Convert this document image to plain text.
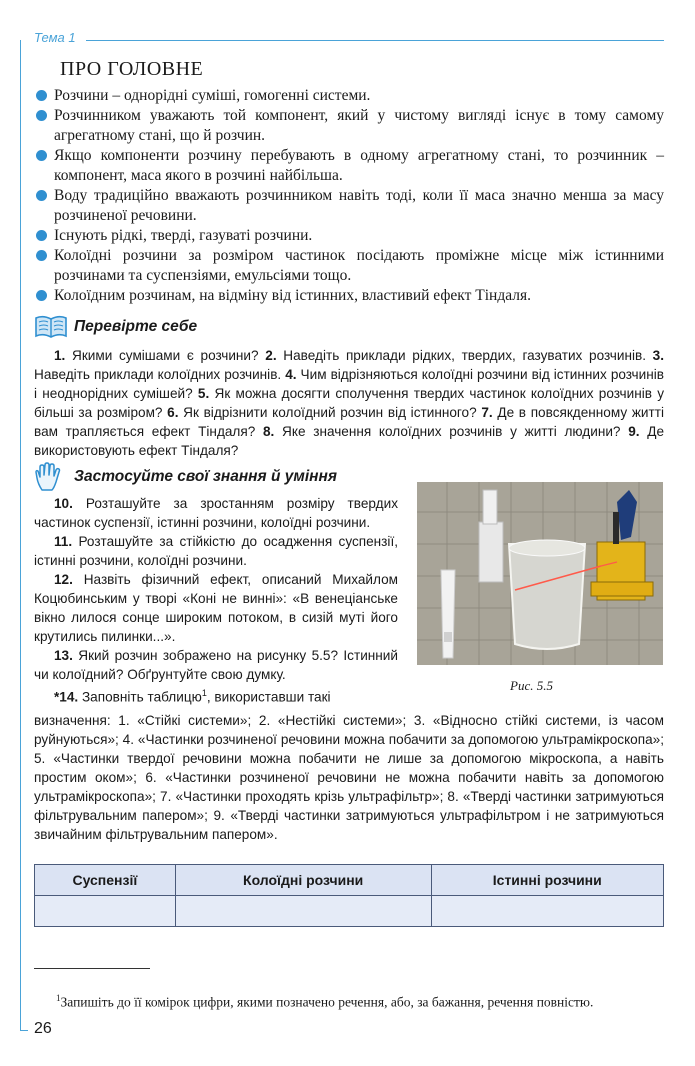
Тема 1
ПРО ГОЛОВНЕ
Розчини – однорідні суміші, гомогенні системи.
Розчинником уважають той компонент, який у чистому вигляді існує в тому самому агрегатному стані, що й розчин.
Якщо компоненти розчину перебувають в одному агрегатному стані, то розчинник – компонент, маса якого в розчині найбільша.
Воду традиційно вважають розчинником навіть тоді, коли її маса значно менша за масу розчиненої речовини.
Існують рідкі, тверді, газуваті розчини.
Колоїдні розчини за розміром частинок посідають проміжне місце між істинними розчинами та суспензіями, емульсіями тощо.
Колоїдним розчинам, на відміну від істинних, властивий ефект Тіндаля.
Перевірте себе

1. Якими сумішами є розчини? 2. Наведіть приклади рідких, твердих, газуватих розчинів. 3. Наведіть приклади колоїдних розчинів. 4. Чим відрізняються колоїдні розчини від істинних розчинів і неоднорідних сумішей? 5. Як можна досягти сполучення твердих частинок колоїдних розчинів у більші за розміром? 6. Як відрізнити колоїдний розчин від істинного? 7. Де в повсякденному житті вам трапляється ефект Тіндаля? 8. Яке значення колоїдних розчинів у житті людини? 9. Де використовують ефект Тіндаля?

Застосуйте свої знання й уміння

10. Розташуйте за зростанням розміру твердих частинок суспензії, істинні розчини, колоїдні розчини.

11. Розташуйте за стійкістю до осадження суспензії, істинні розчини, колоїдні розчини.

12. Назвіть фізичний ефект, описаний Михайлом Коцюбинським у творі «Коні не винні»: «В венеціанське вікно лилося сонце широким потоком, в сизій муті його крутились пилинки...».

13. Який розчин зображено на рисунку 5.5? Істинний чи колоїдний? Обґрунтуйте свою думку.

*14. Заповніть таблицю$^1$, використавши такі

визначення: 1. «Стійкі системи»; 2. «Нестійкі системи»; 3. «Відносно стійкі системи, із часом руйнуються»; 4. «Частинки розчиненої речовини можна побачити за допомогою ультрамікроскопа»; 5. «Частинки твердої речовини можна побачити не лише за допомогою мікроскопа, а навіть простим оком»; 6. «Частинки розчиненої речовини не можна побачити навіть за допомогою ультрамікроскопа»; 7. «Частинки проходять крізь ультрафільтр»; 8. «Тверді частинки затримуються фільтрувальним папером»; 9. «Тверді частинки затримуються ультрафільтром і не затримуються звичайним фільтрувальним папером».

Рис. 5.5
Суспензії	Колоїдні розчини	Істинні розчини

$^1$Запишіть до її комірок цифри, якими позначено речення, або, за бажання, речення повністю.

26
